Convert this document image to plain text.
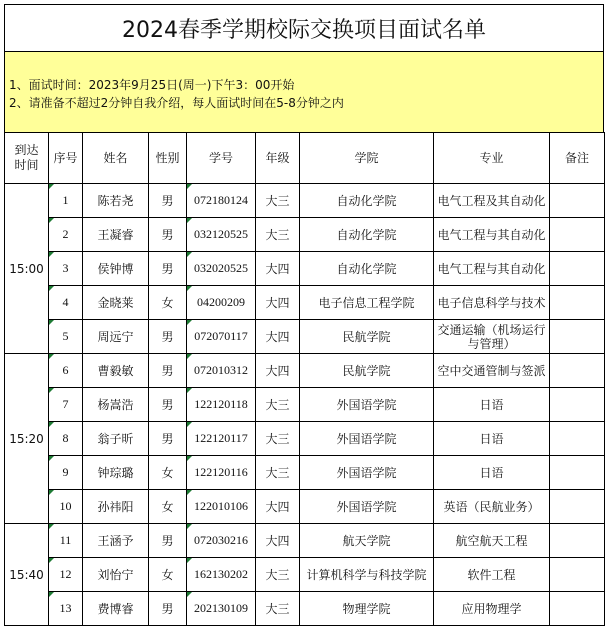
2024春季学期校际交换项目面试名单
1、面试时间：2023年9月25日(周一)下午3：00开始
2、请准备不超过2分钟自我介绍，每人面试时间在5-8分钟之内
到达
时间	序号	姓名	性别	学号	年级	学院	专业	备注
15:00	1	陈若尧	男	072180124	大三	自动化学院	电气工程及其自动化	
	2	王凝睿	男	032120525	大三	自动化学院	电气工程与其自动化	
	3	侯钟博	男	032020525	大四	自动化学院	电气工程与其自动化	
	4	金晓莱	女	04200209	大四	电子信息工程学院	电子信息科学与技术	
	5	周远宁	男	072070117	大四	民航学院	交通运输（机场运行
与管理）	
15:20	6	曹毅敏	男	072010312	大四	民航学院	空中交通管制与签派	
	7	杨嵩浩	男	122120118	大三	外国语学院	日语	
	8	翁子昕	男	122120117	大三	外国语学院	日语	
	9	钟琮璐	女	122120116	大三	外国语学院	日语	
	10	孙祎阳	女	122010106	大四	外国语学院	英语（民航业务）	
15:40	11	王涵予	男	072030216	大四	航天学院	航空航天工程	
	12	刘怡宁	女	162130202	大三	计算机科学与科技学院	软件工程	
	13	费博睿	男	202130109	大三	物理学院	应用物理学	
